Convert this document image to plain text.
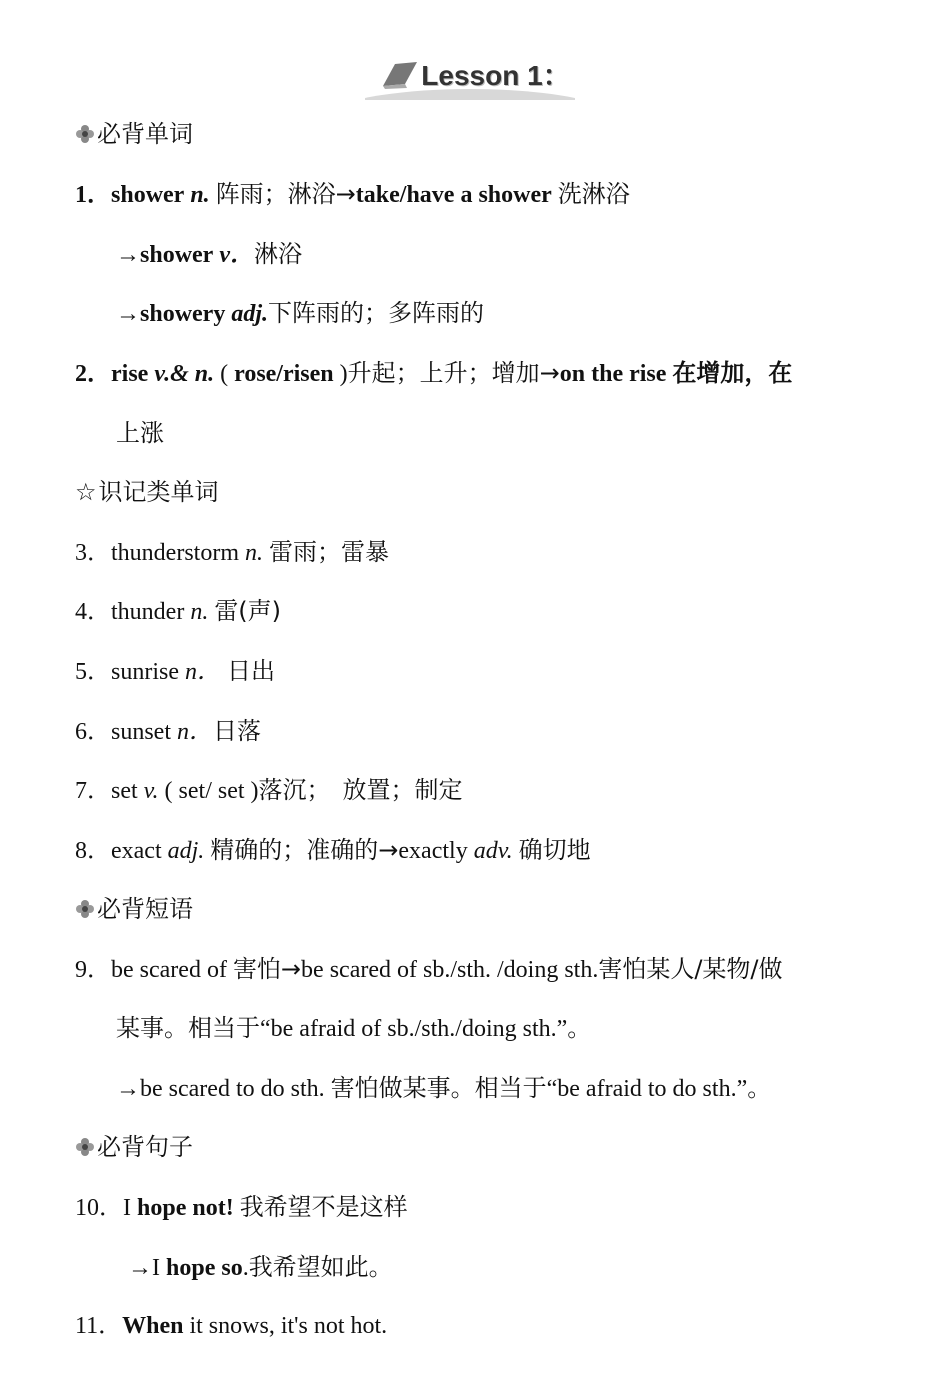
Lesson 1：
必背单词
1．shower n. 阵雨；淋浴→take/have a shower 洗淋浴
→shower v．淋浴
→showery adj.下阵雨的；多阵雨的
2．rise v.& n. ( rose/risen )升起；上升；增加→on the rise 在增加，在
上涨
☆ 识记类单词
3．thunderstorm n. 雷雨；雷暴
4．thunder n. 雷(声)
5．sunrise n． 日出
6．sunset n．日落
7．set v. ( set/ set )落沉；　放置；制定
8．exact adj. 精确的；准确的→exactly adv. 确切地
必背短语
9．be scared of 害怕→be scared of sb./sth. /doing sth.害怕某人/某物/做
某事。相当于“be afraid of sb./sth./doing sth.”。
→be scared to do sth. 害怕做某事。相当于“be afraid to do sth.”。
必背句子
10．I hope not! 我希望不是这样
→I hope so.我希望如此。
11．When it snows, it's not hot.
